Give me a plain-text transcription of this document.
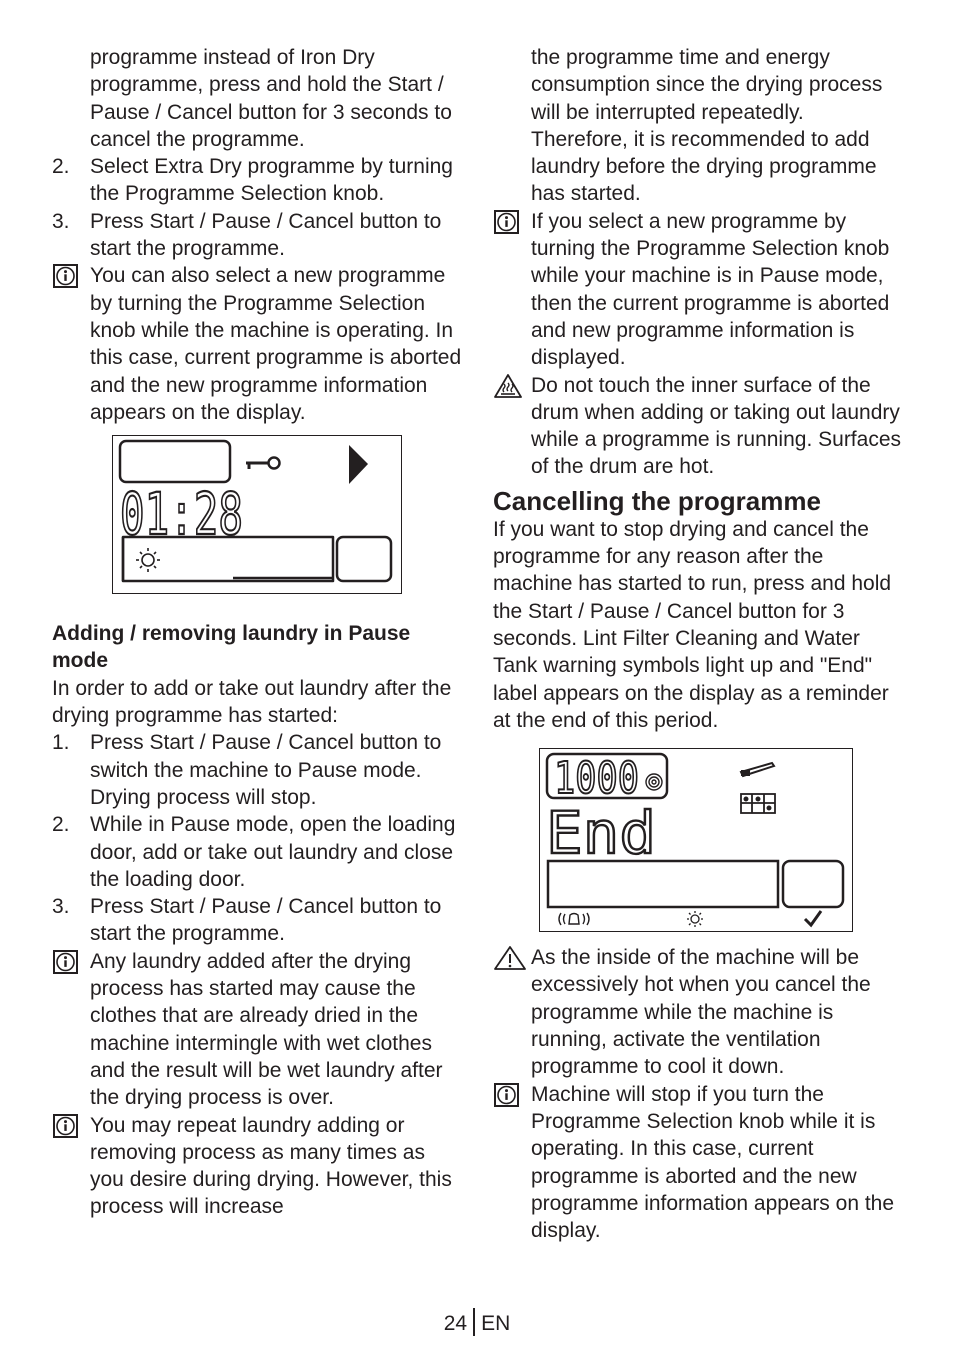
programme instead of Iron Dry programme, press and hold the Start / Pause / Cancel button for 3 seconds to cancel the programme.
2. Select Extra Dry programme by turning the Programme Selection knob.
3. Press Start / Pause / Cancel button to start the programme.
You can also select a new programme by turning the Programme Selection knob while the machine is operating. In this case, current programme is aborted and the new programme information appears on the display.
01:28
Adding / removing laundry in Pause mode
In order to add or take out laundry after the drying programme has started:
1. Press Start / Pause / Cancel button to switch the machine to Pause mode. Drying process will stop.
2. While in Pause mode, open the loading door, add or take out laundry and close the loading door.
3. Press Start / Pause / Cancel button to start the programme.
Any laundry added after the drying process has started may cause the clothes that are already dried in the machine intermingle with wet clothes and the result will be wet laundry after the drying process is over.
You may repeat laundry adding or removing process as many times as you desire during drying. However, this process will increase
the programme time and energy consumption since the drying process will be interrupted repeatedly. Therefore, it is recommended to add laundry before the drying programme has started.
If you select a new programme by turning the Programme Selection knob while your machine is in Pause mode, then the current programme is aborted and new programme information is displayed.
Do not touch the inner surface of the drum when adding or taking out laundry while a programme is running. Surfaces of the drum are hot.
Cancelling the programme
If you want to stop drying and cancel the programme for any reason after the machine has started to run, press and hold the Start / Pause / Cancel button for 3 seconds. Lint Filter Cleaning and Water Tank warning symbols light up and "End" label appears on the display as a reminder at the end of this period.
1000
End
As the inside of the machine will be excessively hot when you cancel the programme while the machine is running, activate the ventilation programme to cool it down.
Machine will stop if you turn the Programme Selection knob while it is operating. In this case, current programme is aborted and the new programme information appears on the display.
24 EN
